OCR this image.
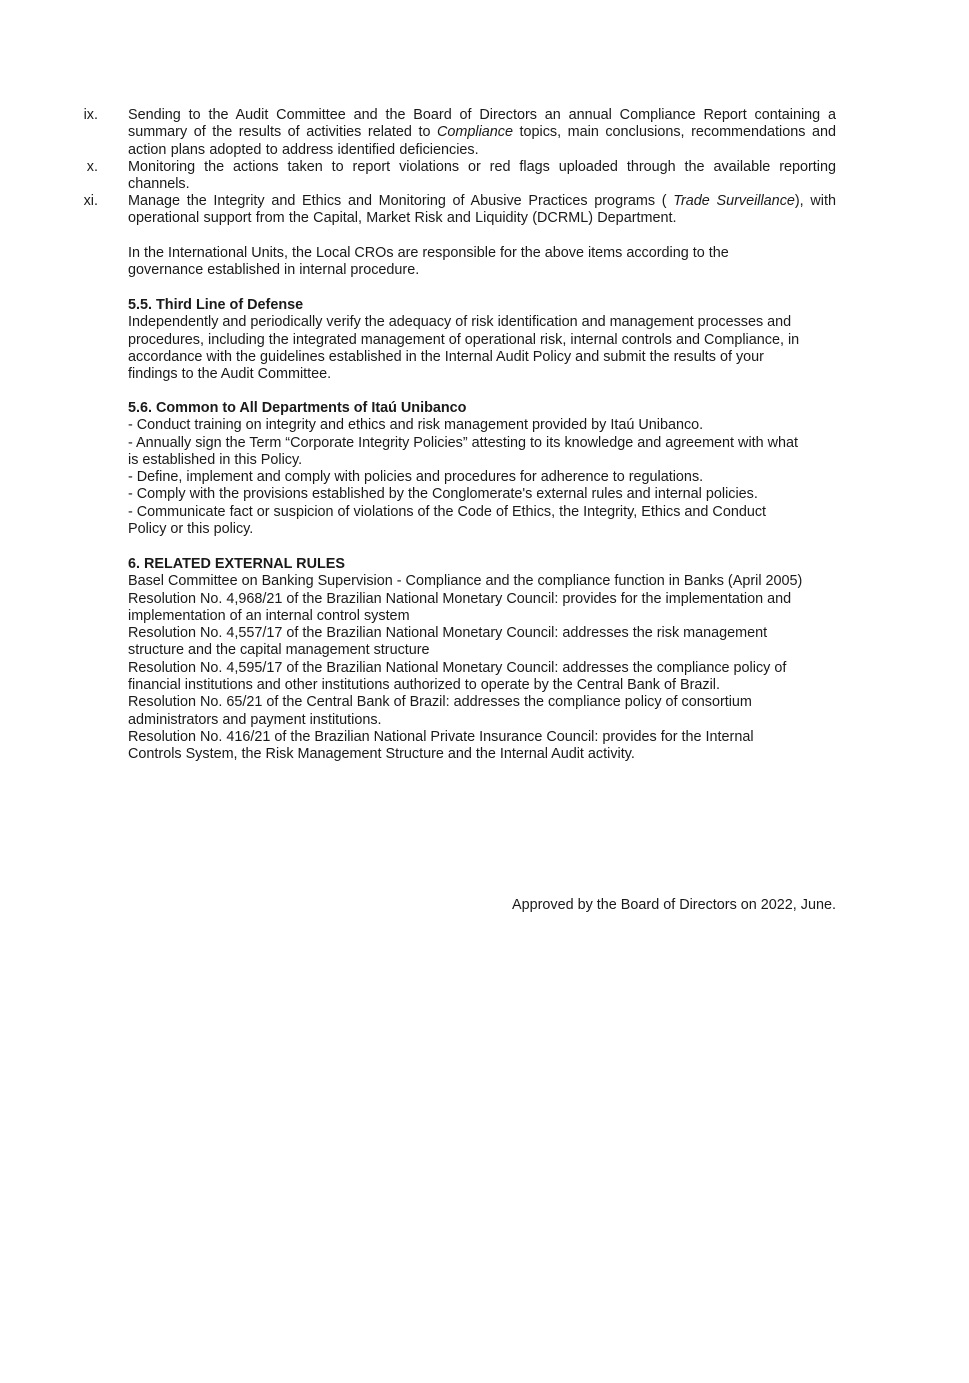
ix. Sending to the Audit Committee and the Board of Directors an annual Compliance Report containing a summary of the results of activities related to Compliance topics, main conclusions, recommendations and action plans adopted to address identified deficiencies.
x. Monitoring the actions taken to report violations or red flags uploaded through the available reporting channels.
xi. Manage the Integrity and Ethics and Monitoring of Abusive Practices programs ( Trade Surveillance), with operational support from the Capital, Market Risk and Liquidity (DCRML) Department.
In the International Units, the Local CROs are responsible for the above items according to the
governance established in internal procedure.
5.5. Third Line of Defense
Independently and periodically verify the adequacy of risk identification and management processes and
procedures, including the integrated management of operational risk, internal controls and Compliance, in
accordance with the guidelines established in the Internal Audit Policy and submit the results of your
findings to the Audit Committee.
5.6. Common to All Departments of Itaú Unibanco
- Conduct training on integrity and ethics and risk management provided by Itaú Unibanco.
- Annually sign the Term “Corporate Integrity Policies” attesting to its knowledge and agreement with what
is established in this Policy.
- Define, implement and comply with policies and procedures for adherence to regulations.
- Comply with the provisions established by the Conglomerate's external rules and internal policies.
- Communicate fact or suspicion of violations of the Code of Ethics, the Integrity, Ethics and Conduct
Policy or this policy.
6. RELATED EXTERNAL RULES
Basel Committee on Banking Supervision - Compliance and the compliance function in Banks (April 2005)
Resolution No. 4,968/21 of the Brazilian National Monetary Council: provides for the implementation and
implementation of an internal control system
Resolution No. 4,557/17 of the Brazilian National Monetary Council: addresses the risk management
structure and the capital management structure
Resolution No. 4,595/17 of the Brazilian National Monetary Council: addresses the compliance policy of
financial institutions and other institutions authorized to operate by the Central Bank of Brazil.
Resolution No. 65/21 of the Central Bank of Brazil: addresses the compliance policy of consortium
administrators and payment institutions.
Resolution No. 416/21 of the Brazilian National Private Insurance Council: provides for the Internal
Controls System, the Risk Management Structure and the Internal Audit activity.
Approved by the Board of Directors on 2022, June.
